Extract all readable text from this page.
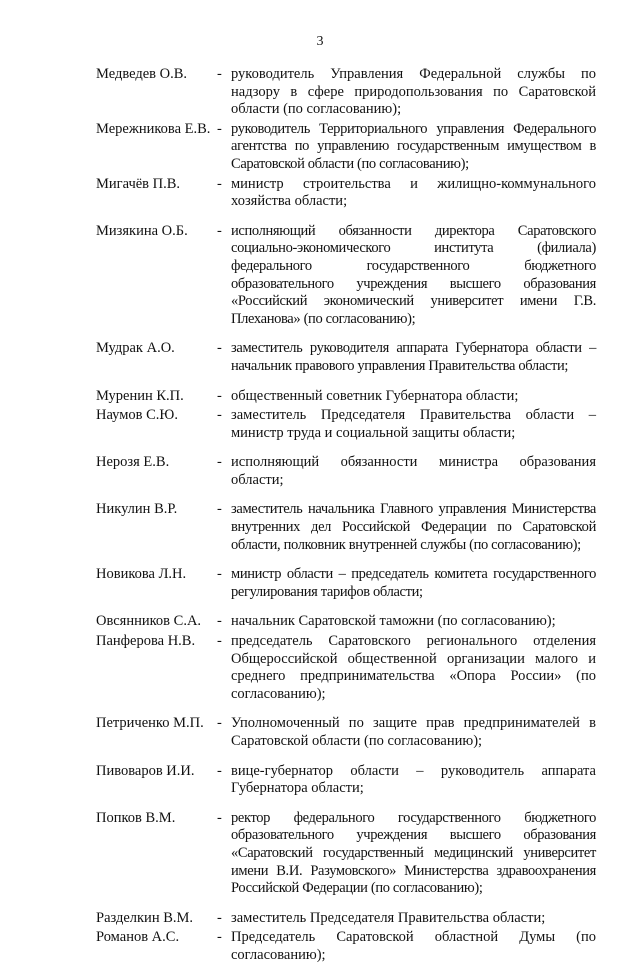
3
Медведев О.В.	- руководитель Управления Федеральной службы по надзору в сфере природопользования по Саратовской области (по согласованию);
Мережникова Е.В. - руководитель Территориального управления Федерального агентства по управлению государственным имуществом в Саратовской области (по согласованию);
Мигачёв П.В.	- министр строительства и жилищно-коммунального хозяйства области;
Мизякина О.Б.	- исполняющий обязанности директора Саратовского социально-экономического института (филиала) федерального государственного бюджетного образовательного учреждения высшего образования «Российский экономический университет имени Г.В. Плеханова» (по согласованию);
Мудрак А.О.	- заместитель руководителя аппарата Губернатора области – начальник правового управления Правительства области;
Муренин К.П.	- общественный советник Губернатора области;
Наумов С.Ю.	- заместитель Председателя Правительства области – министр труда и социальной защиты области;
Нерозя Е.В.	- исполняющий обязанности министра образования области;
Никулин В.Р.	- заместитель начальника Главного управления Министерства внутренних дел Российской Федерации по Саратовской области, полковник внутренней службы (по согласованию);
Новикова Л.Н.	- министр области – председатель комитета государственного регулирования тарифов области;
Овсянников С.А.	- начальник Саратовской таможни (по согласованию);
Панферова Н.В.	- председатель Саратовского регионального отделения Общероссийской общественной организации малого и среднего предпринимательства «Опора России» (по согласованию);
Петриченко М.П. - Уполномоченный по защите прав предпринимателей в Саратовской области (по согласованию);
Пивоваров И.И.	- вице-губернатор области – руководитель аппарата Губернатора области;
Попков В.М.	- ректор федерального государственного бюджетного образовательного учреждения высшего образования «Саратовский государственный медицинский университет имени В.И. Разумовского» Министерства здравоохранения Российской Федерации (по согласованию);
Разделкин В.М.	- заместитель Председателя Правительства области;
Романов А.С.	- Председатель Саратовской областной Думы (по согласованию);
